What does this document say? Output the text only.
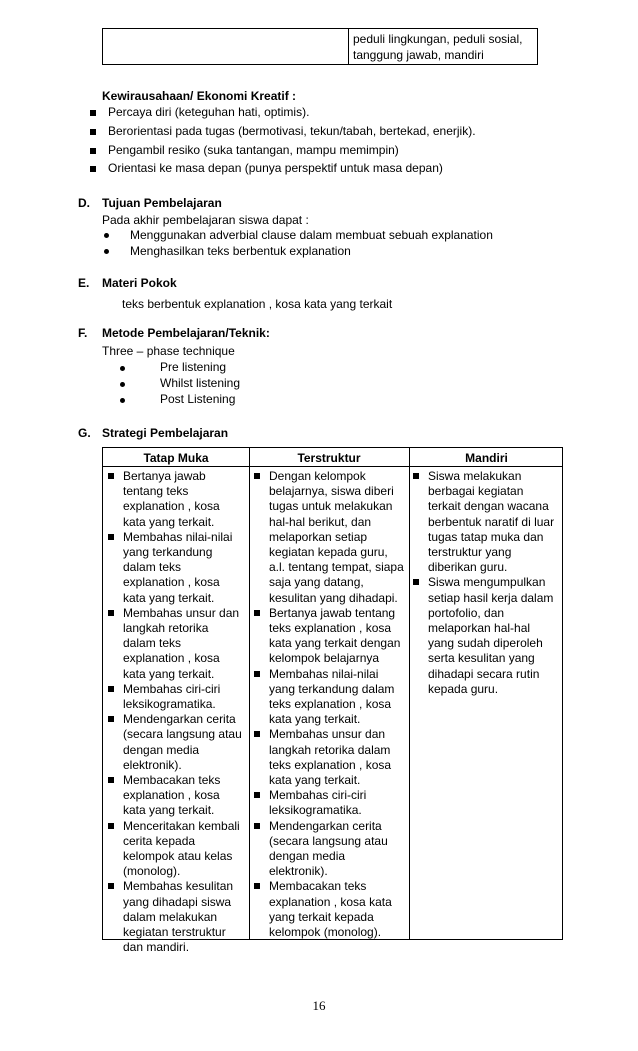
peduli lingkungan, peduli sosial,
tanggung jawab, mandiri
Kewirausahaan/ Ekonomi Kreatif :
Percaya diri (keteguhan hati, optimis).
Berorientasi pada tugas (bermotivasi, tekun/tabah, bertekad, enerjik).
Pengambil resiko (suka tantangan, mampu memimpin)
Orientasi ke masa depan (punya perspektif untuk masa depan)
D. Tujuan Pembelajaran
Pada akhir pembelajaran siswa dapat :
Menggunakan adverbial clause dalam membuat sebuah explanation
Menghasilkan teks berbentuk explanation
E. Materi Pokok
teks berbentuk explanation , kosa kata yang terkait
F. Metode Pembelajaran/Teknik:
Three – phase technique
Pre listening
Whilst listening
Post Listening
G. Strategi Pembelajaran
Tatap Muka	Terstruktur	Mandiri
Bertanya jawab
tentang teks
explanation , kosa
kata yang terkait.
Membahas nilai-nilai
yang terkandung
dalam teks
explanation , kosa
kata yang terkait.
Membahas unsur dan
langkah retorika
dalam teks
explanation , kosa
kata yang terkait.
Membahas ciri-ciri
leksikogramatika.
Mendengarkan cerita
(secara langsung atau
dengan media
elektronik).
Membacakan teks
explanation , kosa
kata yang terkait.
Menceritakan kembali
cerita kepada
kelompok atau kelas
(monolog).
Membahas kesulitan
yang dihadapi siswa
dalam melakukan
kegiatan terstruktur
dan mandiri.
Dengan kelompok
belajarnya, siswa diberi
tugas untuk melakukan
hal-hal berikut, dan
melaporkan setiap
kegiatan kepada guru,
a.l. tentang tempat, siapa
saja yang datang,
kesulitan yang dihadapi.
Bertanya jawab tentang
teks explanation , kosa
kata yang terkait dengan
kelompok belajarnya
Membahas nilai-nilai
yang terkandung dalam
teks explanation , kosa
kata yang terkait.
Membahas unsur dan
langkah retorika dalam
teks explanation , kosa
kata yang terkait.
Membahas ciri-ciri
leksikogramatika.
Mendengarkan cerita
(secara langsung atau
dengan media
elektronik).
Membacakan teks
explanation , kosa kata
yang terkait kepada
kelompok (monolog).
Siswa melakukan
berbagai kegiatan
terkait dengan wacana
berbentuk naratif di luar
tugas tatap muka dan
terstruktur yang
diberikan guru.
Siswa mengumpulkan
setiap hasil kerja dalam
portofolio, dan
melaporkan hal-hal
yang sudah diperoleh
serta kesulitan yang
dihadapi secara rutin
kepada guru.
16
